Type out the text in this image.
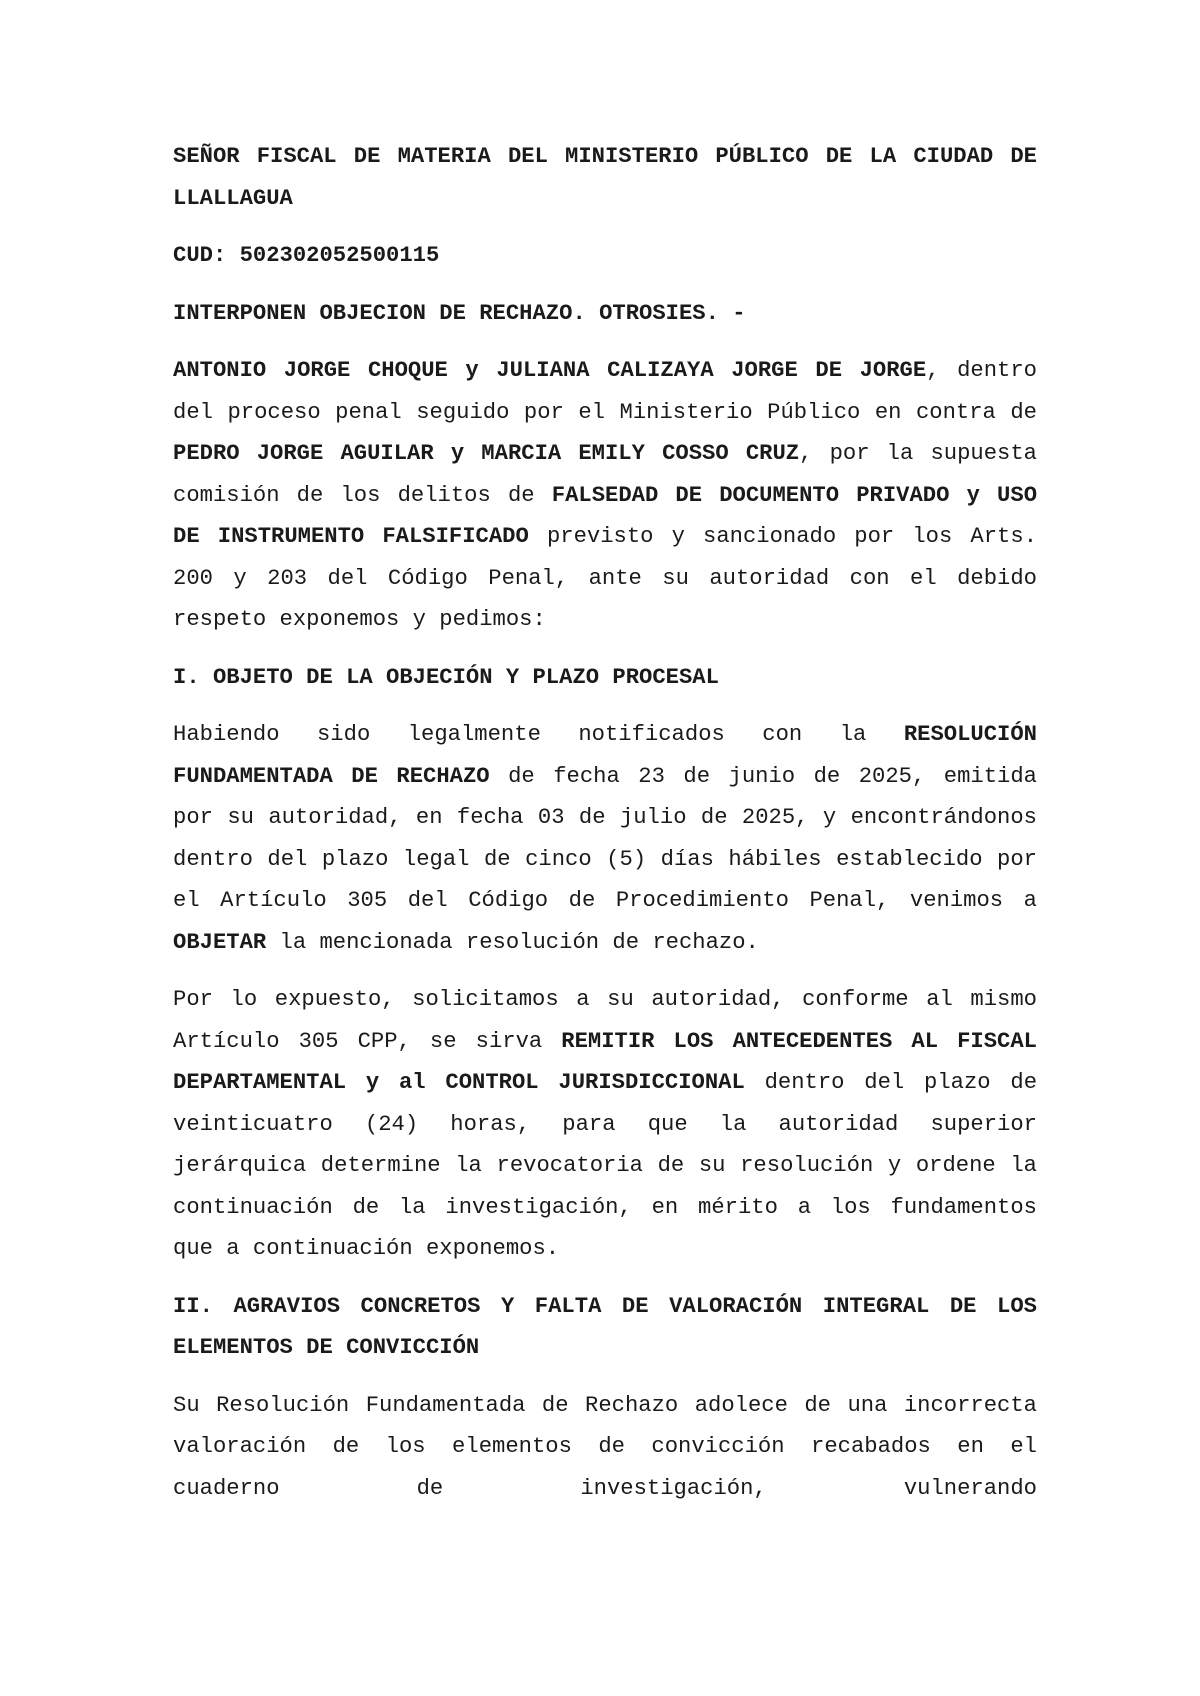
SEÑOR FISCAL DE MATERIA DEL MINISTERIO PÚBLICO DE LA CIUDAD DE LLALLAGUA

CUD: 502302052500115

INTERPONEN OBJECION DE RECHAZO. OTROSIES. -

ANTONIO JORGE CHOQUE y JULIANA CALIZAYA JORGE DE JORGE, dentro del proceso penal seguido por el Ministerio Público en contra de PEDRO JORGE AGUILAR y MARCIA EMILY COSSO CRUZ, por la supuesta comisión de los delitos de FALSEDAD DE DOCUMENTO PRIVADO y USO DE INSTRUMENTO FALSIFICADO previsto y sancionado por los Arts. 200 y 203 del Código Penal, ante su autoridad con el debido respeto exponemos y pedimos:

I. OBJETO DE LA OBJECIÓN Y PLAZO PROCESAL

Habiendo sido legalmente notificados con la RESOLUCIÓN FUNDAMENTADA DE RECHAZO de fecha 23 de junio de 2025, emitida por su autoridad, en fecha 03 de julio de 2025, y encontrándonos dentro del plazo legal de cinco (5) días hábiles establecido por el Artículo 305 del Código de Procedimiento Penal, venimos a OBJETAR la mencionada resolución de rechazo.

Por lo expuesto, solicitamos a su autoridad, conforme al mismo Artículo 305 CPP, se sirva REMITIR LOS ANTECEDENTES AL FISCAL DEPARTAMENTAL y al CONTROL JURISDICCIONAL dentro del plazo de veinticuatro (24) horas, para que la autoridad superior jerárquica determine la revocatoria de su resolución y ordene la continuación de la investigación, en mérito a los fundamentos que a continuación exponemos.

II. AGRAVIOS CONCRETOS Y FALTA DE VALORACIÓN INTEGRAL DE LOS ELEMENTOS DE CONVICCIÓN

Su Resolución Fundamentada de Rechazo adolece de una incorrecta valoración de los elementos de convicción recabados en el cuaderno de investigación, vulnerando
